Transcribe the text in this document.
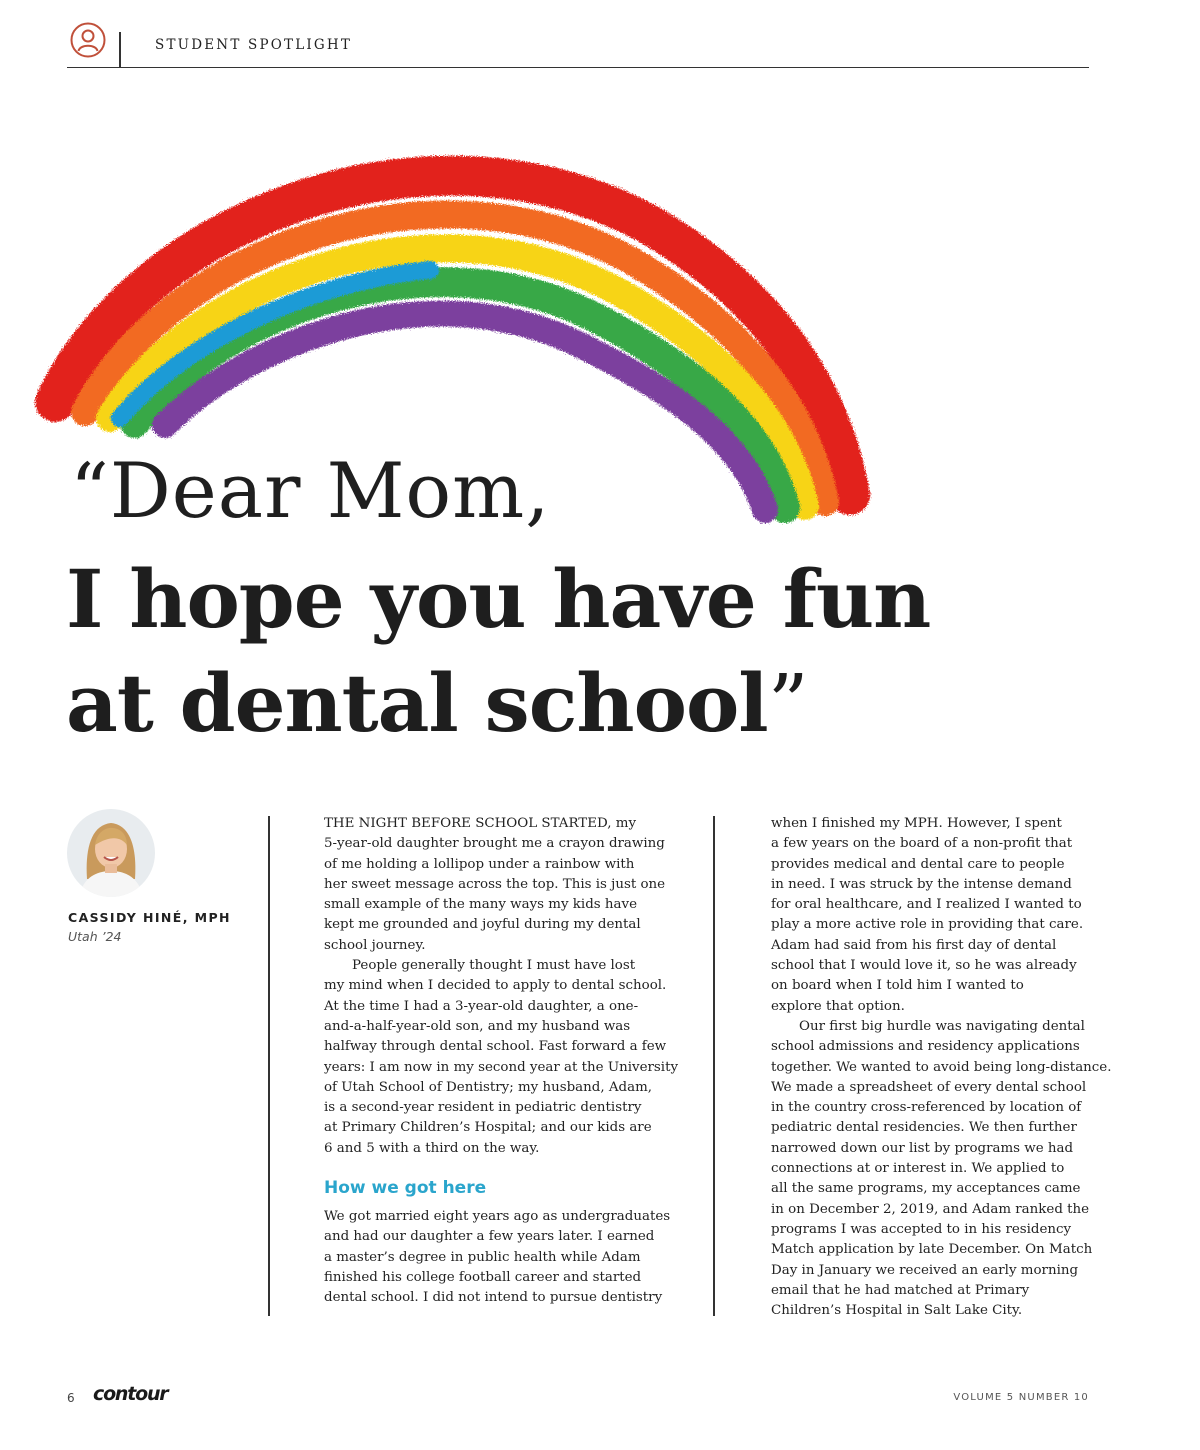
STUDENT SPOTLIGHT
“Dear Mom,
I hope you have fun
at dental school”
CASSIDY HINÉ, MPH
Utah ’24
THE NIGHT BEFORE SCHOOL STARTED, my
5-year-old daughter brought me a crayon drawing
of me holding a lollipop under a rainbow with
her sweet message across the top. This is just one
small example of the many ways my kids have
kept me grounded and joyful during my dental
school journey.
People generally thought I must have lost
my mind when I decided to apply to dental school.
At the time I had a 3-year-old daughter, a one-
and-a-half-year-old son, and my husband was
halfway through dental school. Fast forward a few
years: I am now in my second year at the University
of Utah School of Dentistry; my husband, Adam,
is a second-year resident in pediatric dentistry
at Primary Children’s Hospital; and our kids are
6 and 5 with a third on the way.
How we got here
We got married eight years ago as undergraduates
and had our daughter a few years later. I earned
a master’s degree in public health while Adam
finished his college football career and started
dental school. I did not intend to pursue dentistry
when I finished my MPH. However, I spent
a few years on the board of a non-profit that
provides medical and dental care to people
in need. I was struck by the intense demand
for oral healthcare, and I realized I wanted to
play a more active role in providing that care.
Adam had said from his first day of dental
school that I would love it, so he was already
on board when I told him I wanted to
explore that option.
Our first big hurdle was navigating dental
school admissions and residency applications
together. We wanted to avoid being long-distance.
We made a spreadsheet of every dental school
in the country cross-referenced by location of
pediatric dental residencies. We then further
narrowed down our list by programs we had
connections at or interest in. We applied to
all the same programs, my acceptances came
in on December 2, 2019, and Adam ranked the
programs I was accepted to in his residency
Match application by late December. On Match
Day in January we received an early morning
email that he had matched at Primary
Children’s Hospital in Salt Lake City.
6 contour	VOLUME 5 NUMBER 10
